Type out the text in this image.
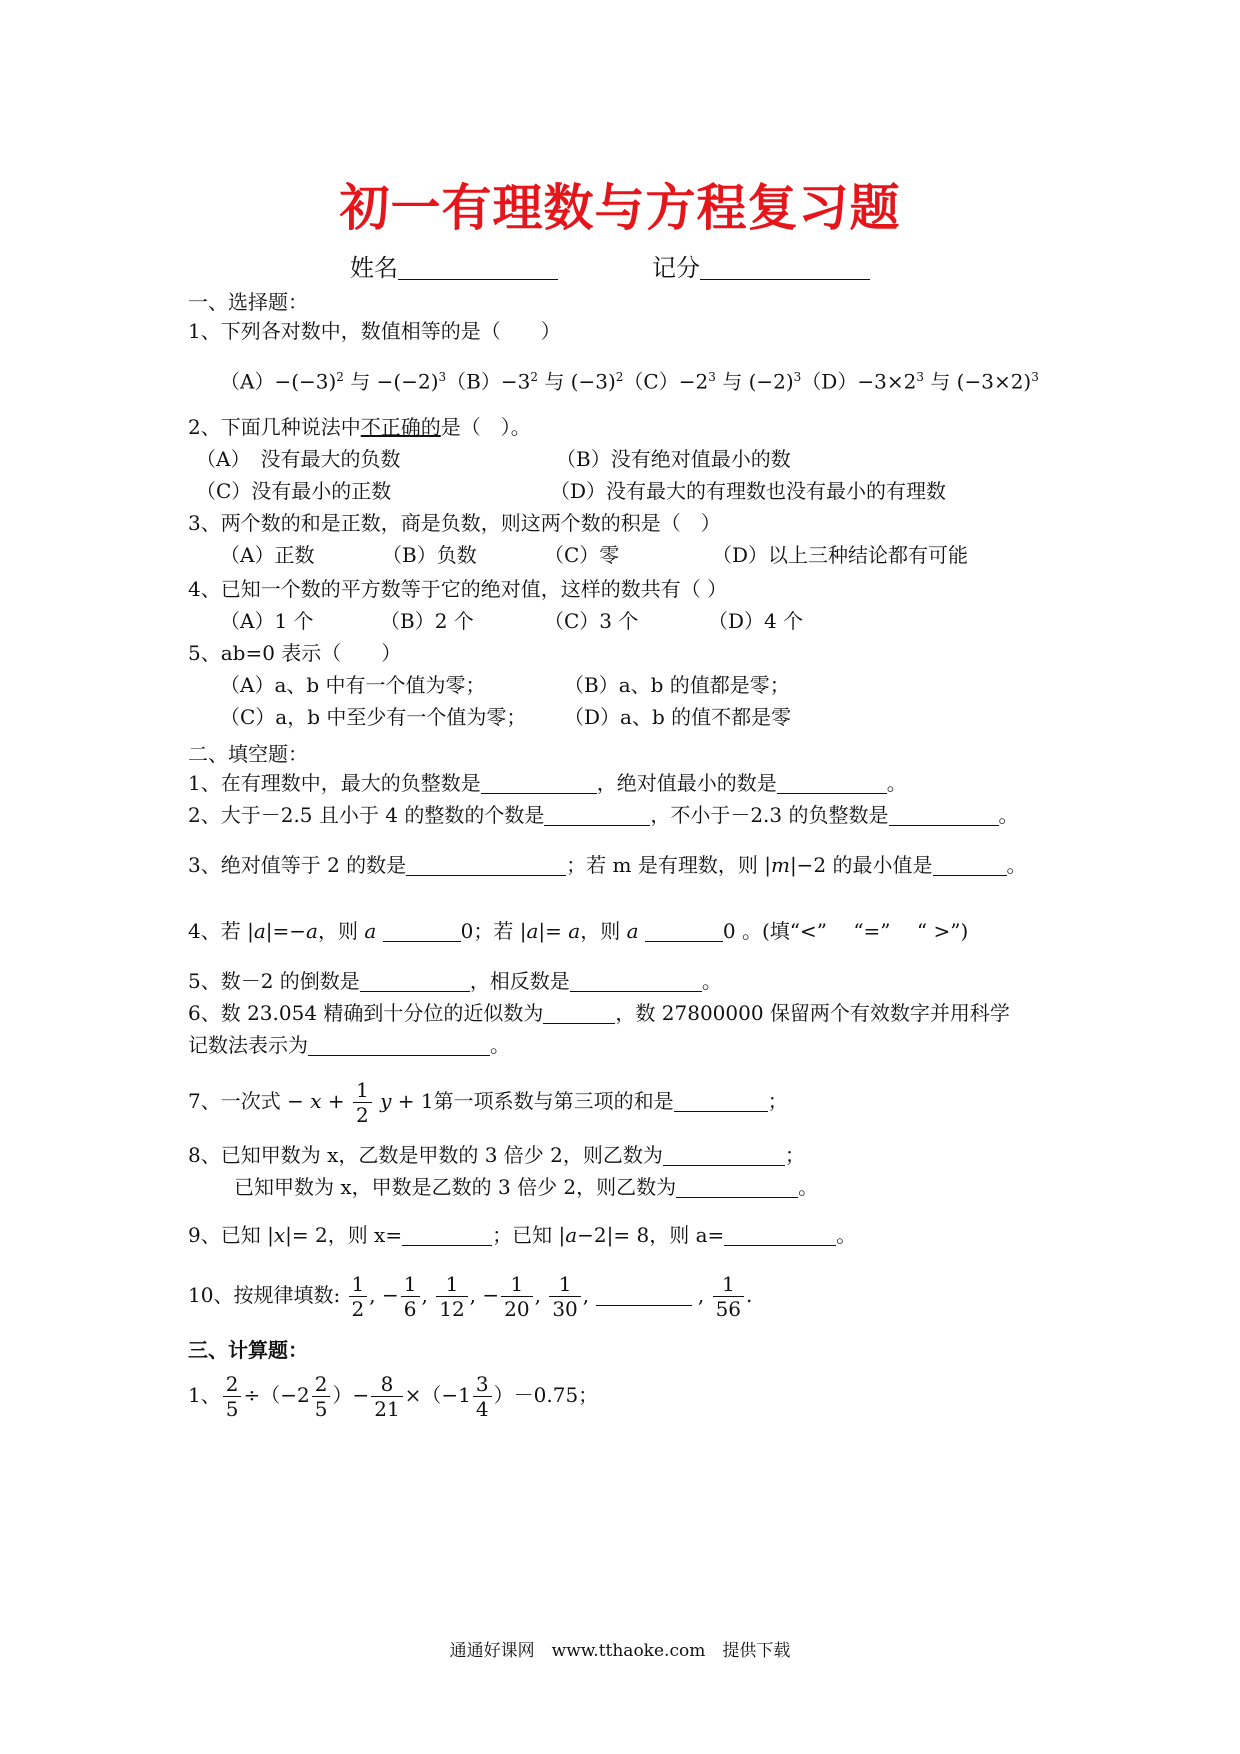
初一有理数与方程复习题
姓名	记分
一、选择题：
1、下列各对数中，数值相等的是（　　）
$(A)-(-3)^2$ 与 $-(-2)^3(B)-3^2$ 与 $(-3)^2(C)-2^3$ 与 $(-2)^3(D)-3\times 2^3$ 与 $(-3\times 2)^3$
2、下面几种说法中不正确的是（　）。
（A）　没有最大的负数	（B）没有绝对值最小的数
（C）没有最小的正数	（D）没有最大的有理数也没有最小的有理数
3、两个数的和是正数，商是负数，则这两个数的积是（　）
（A）正数	（B）负数	（C）零	（D）以上三种结论都有可能
4、已知一个数的平方数等于它的绝对值，这样的数共有（ ）
（A）1 个	（B）2 个	（C）3 个	（D）4 个
5、ab=0 表示（　　）
（A）a、b 中有一个值为零；	（B）a、b 的值都是零；
（C）a，b 中至少有一个值为零； （D）a、b 的值不都是零
二、填空题：
1、在有理数中，最大的负整数是	，绝对值最小的数是	。
2、大于－2.5 且小于 4 的整数的个数是	，不小于－2.3 的负整数是	。
3、绝对值等于 2 的数是	；若 m 是有理数，则 |m|−2 的最小值是	。
4、若 |a|=−a，则 a	0；若 |a|= a，则 a	0 。(填“<”　 “=”　 “ >”)
5、数－2 的倒数是	，相反数是	。
6、数 23.054 精确到十分位的近似数为	，数 27800000 保留两个有效数字并用科学
记数法表示为	。
7、一次式 − $x + \frac{1}{2}$ y + 1第一项系数与第三项的和是	；
8、已知甲数为 x，乙数是甲数的 3 倍少 2，则乙数为	；
已知甲数为 x，甲数是乙数的 3 倍少 2，则乙数为	。
9、已知 |x|= 2，则 x=	；已知 |a−2|= 8，则 a=	。
10、按规律填数: $\frac{1}{2}$ , − $\frac{1}{6}$ , $\frac{1}{12}$ , − $\frac{1}{20}$ , $\frac{1}{30}$ ,	, $\frac{1}{56}$ .
三、计算题：
1、 $\frac{2}{5} \div(-2 \frac{2}{5}$ ）− $\frac{8}{21} \times(-1 \frac{3}{4} )-0.75$；
通通好课网　www.tthaoke.com　提供下载
